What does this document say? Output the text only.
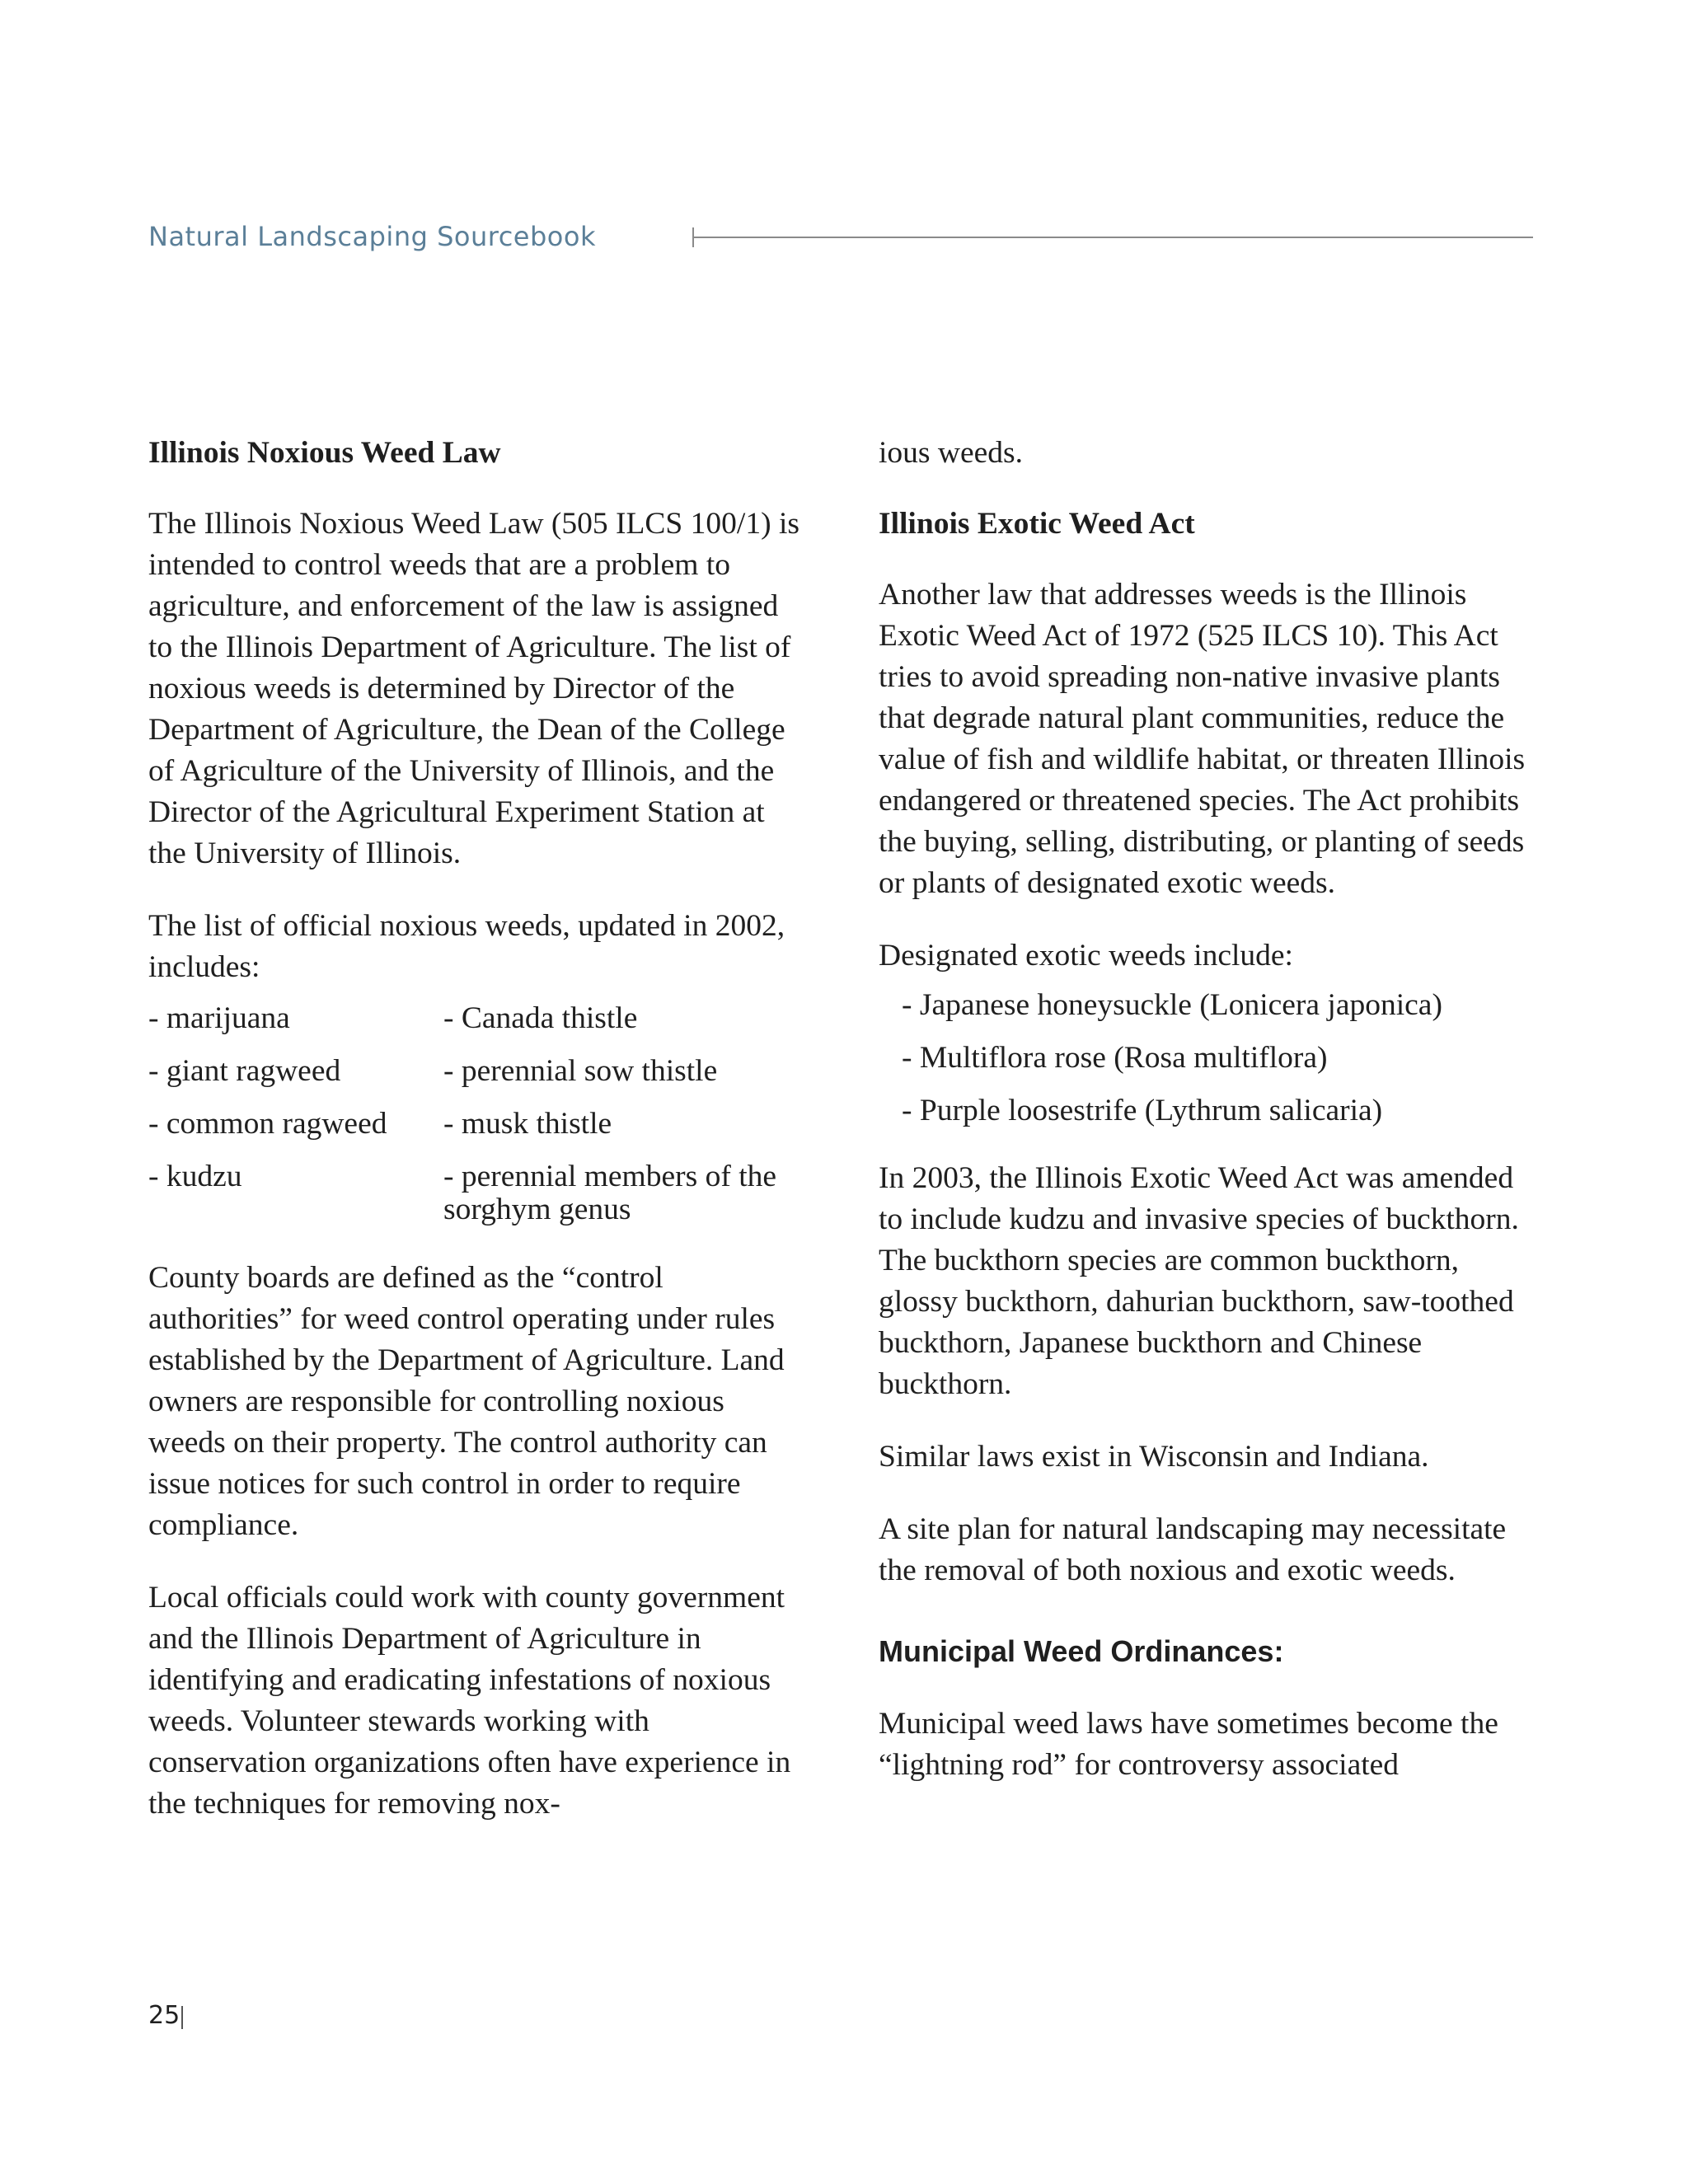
Natural Landscaping Sourcebook
Illinois Noxious Weed Law

The Illinois Noxious Weed Law (505 ILCS 100/1) is intended to control weeds that are a problem to agriculture, and enforcement of the law is assigned to the Illinois Department of Agriculture. The list of noxious weeds is determined by Director of the Department of Agriculture, the Dean of the College of Agriculture of the University of Illinois, and the Director of the Agricultural Experiment Station at the University of Illinois.

The list of official noxious weeds, updated in 2002, includes:

- marijuana	- Canada thistle
- giant ragweed	- perennial sow thistle
- common ragweed	- musk thistle
- kudzu	- perennial members of the sorghym genus

County boards are defined as the “control authorities” for weed control operating under rules established by the Department of Agriculture. Land owners are responsible for controlling noxious weeds on their property. The control authority can issue notices for such control in order to require compliance.

Local officials could work with county government and the Illinois Department of Agriculture in identifying and eradicating infestations of noxious weeds. Volunteer stewards working with conservation organizations often have experience in the techniques for removing nox-

ious weeds.

Illinois Exotic Weed Act

Another law that addresses weeds is the Illinois Exotic Weed Act of 1972 (525 ILCS 10). This Act tries to avoid spreading non-native invasive plants that degrade natural plant communities, reduce the value of fish and wildlife habitat, or threaten Illinois endangered or threatened species. The Act prohibits the buying, selling, distributing, or planting of seeds or plants of designated exotic weeds.

Designated exotic weeds include:

- Japanese honeysuckle (Lonicera japonica)
- Multiflora rose (Rosa multiflora)
- Purple loosestrife (Lythrum salicaria)

In 2003, the Illinois Exotic Weed Act was amended to include kudzu and invasive species of buckthorn. The buckthorn species are common buckthorn, glossy buckthorn, dahurian buckthorn, saw-toothed buckthorn, Japanese buckthorn and Chinese buckthorn.

Similar laws exist in Wisconsin and Indiana.

A site plan for natural landscaping may necessitate the removal of both noxious and exotic weeds.

Municipal Weed Ordinances:

Municipal weed laws have sometimes become the “lightning rod” for controversy associated

25
